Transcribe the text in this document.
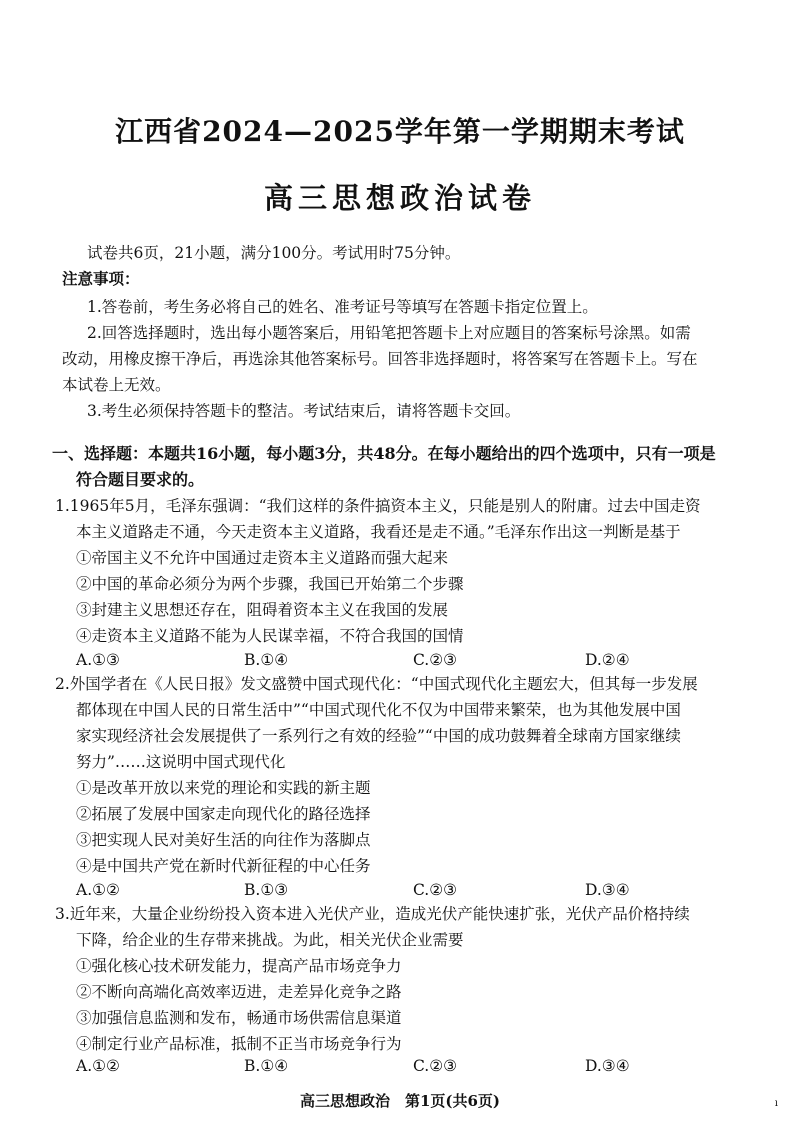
江西省2024—2025学年第一学期期末考试
高三思想政治试卷
试卷共6页，21小题，满分100分。考试用时75分钟。
注意事项：
1.答卷前，考生务必将自己的姓名、准考证号等填写在答题卡指定位置上。
2.回答选择题时，选出每小题答案后，用铅笔把答题卡上对应题目的答案标号涂黑。如需
改动，用橡皮擦干净后，再选涂其他答案标号。回答非选择题时，将答案写在答题卡上。写在
本试卷上无效。
3.考生必须保持答题卡的整洁。考试结束后，请将答题卡交回。
一、选择题：本题共16小题，每小题3分，共48分。在每小题给出的四个选项中，只有一项是
符合题目要求的。
1.1965年5月，毛泽东强调：“我们这样的条件搞资本主义，只能是别人的附庸。过去中国走资
本主义道路走不通，今天走资本主义道路，我看还是走不通。”毛泽东作出这一判断是基于
①帝国主义不允许中国通过走资本主义道路而强大起来
②中国的革命必须分为两个步骤，我国已开始第二个步骤
③封建主义思想还存在，阻碍着资本主义在我国的发展
④走资本主义道路不能为人民谋幸福，不符合我国的国情
A.①③	B.①④	C.②③	D.②④
2.外国学者在《人民日报》发文盛赞中国式现代化：“中国式现代化主题宏大，但其每一步发展
都体现在中国人民的日常生活中”“中国式现代化不仅为中国带来繁荣，也为其他发展中国
家实现经济社会发展提供了一系列行之有效的经验”“中国的成功鼓舞着全球南方国家继续
努力”……这说明中国式现代化
①是改革开放以来党的理论和实践的新主题
②拓展了发展中国家走向现代化的路径选择
③把实现人民对美好生活的向往作为落脚点
④是中国共产党在新时代新征程的中心任务
A.①②	B.①③	C.②③	D.③④
3.近年来，大量企业纷纷投入资本进入光伏产业，造成光伏产能快速扩张，光伏产品价格持续
下降，给企业的生存带来挑战。为此，相关光伏企业需要
①强化核心技术研发能力，提高产品市场竞争力
②不断向高端化高效率迈进，走差异化竞争之路
③加强信息监测和发布，畅通市场供需信息渠道
④制定行业产品标准，抵制不正当市场竞争行为
A.①②	B.①④	C.②③	D.③④
高三思想政治　第1页(共6页)	ı
